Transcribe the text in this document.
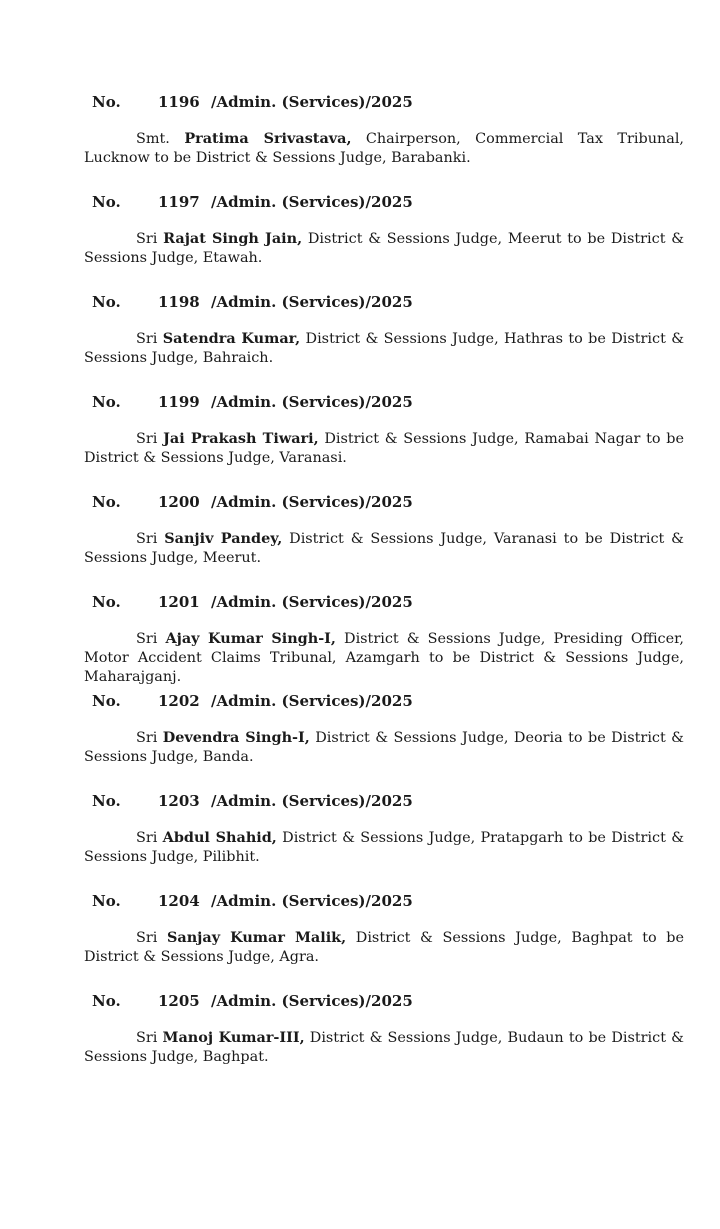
No. 1196 /Admin. (Services)/2025
Smt. Pratima Srivastava, Chairperson, Commercial Tax Tribunal, Lucknow to be District & Sessions Judge, Barabanki.
No. 1197 /Admin. (Services)/2025
Sri Rajat Singh Jain, District & Sessions Judge, Meerut to be District & Sessions Judge, Etawah.
No. 1198 /Admin. (Services)/2025
Sri Satendra Kumar, District & Sessions Judge, Hathras to be District & Sessions Judge, Bahraich.
No. 1199 /Admin. (Services)/2025
Sri Jai Prakash Tiwari, District & Sessions Judge, Ramabai Nagar to be District & Sessions Judge, Varanasi.
No. 1200 /Admin. (Services)/2025
Sri Sanjiv Pandey, District & Sessions Judge, Varanasi to be District & Sessions Judge, Meerut.
No. 1201 /Admin. (Services)/2025
Sri Ajay Kumar Singh-I, District & Sessions Judge, Presiding Officer, Motor Accident Claims Tribunal, Azamgarh to be District & Sessions Judge, Maharajganj.
No. 1202 /Admin. (Services)/2025
Sri Devendra Singh-I, District & Sessions Judge, Deoria to be District & Sessions Judge, Banda.
No. 1203 /Admin. (Services)/2025
Sri Abdul Shahid, District & Sessions Judge, Pratapgarh to be District & Sessions Judge, Pilibhit.
No. 1204 /Admin. (Services)/2025
Sri Sanjay Kumar Malik, District & Sessions Judge, Baghpat to be District & Sessions Judge, Agra.
No. 1205 /Admin. (Services)/2025
Sri Manoj Kumar-III, District & Sessions Judge, Budaun to be District & Sessions Judge, Baghpat.
